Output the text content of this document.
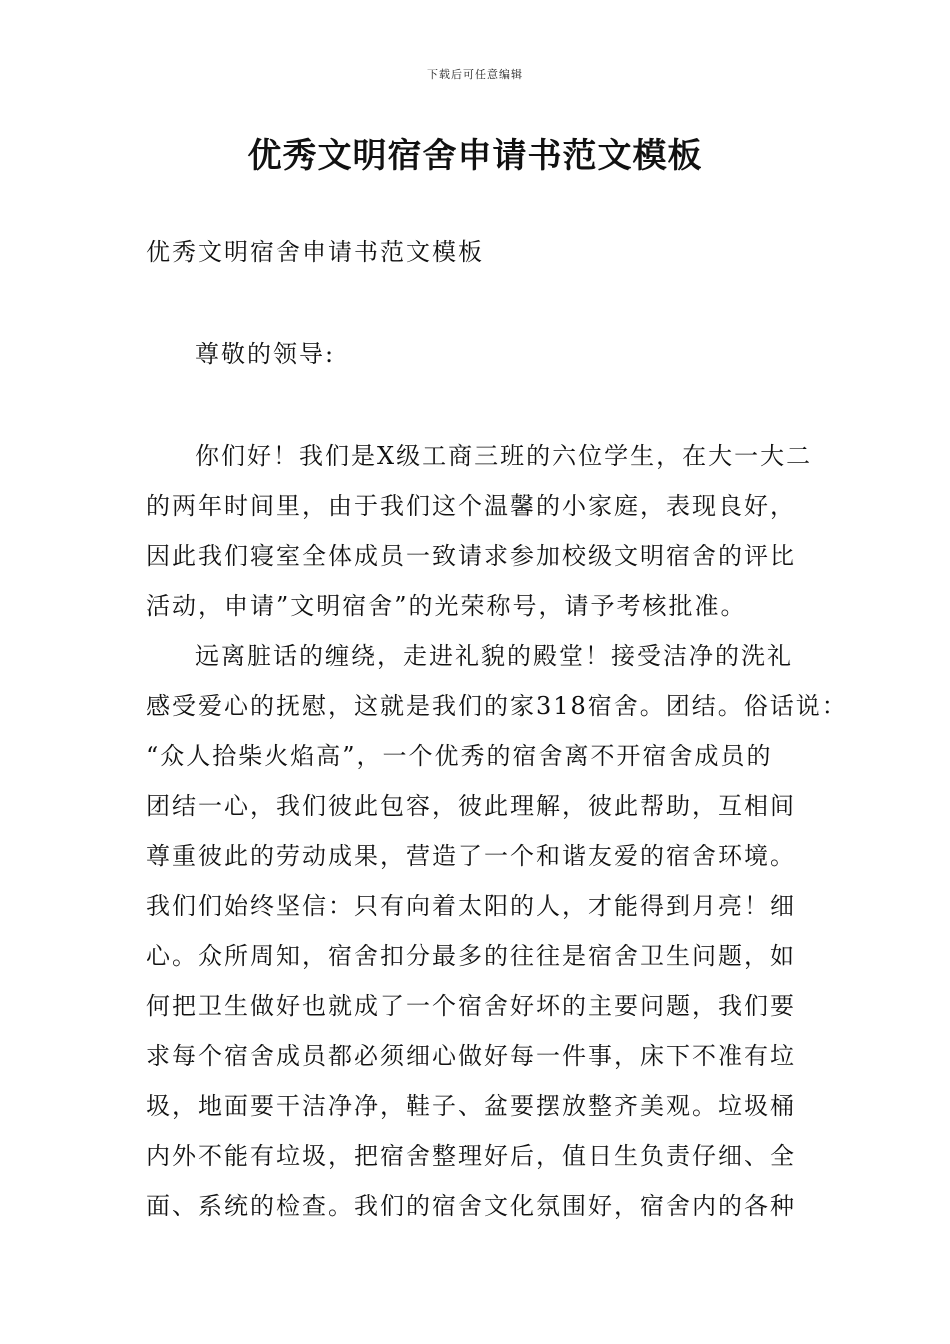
下载后可任意编辑
优秀文明宿舍申请书范文模板
优秀文明宿舍申请书范文模板
尊敬的领导:
你们好！我们是X级工商三班的六位学生，在大一大二
的两年时间里，由于我们这个温馨的小家庭，表现良好，
因此我们寝室全体成员一致请求参加校级文明宿舍的评比
活动，申请”文明宿舍”的光荣称号，请予考核批准。
远离脏话的缠绕，走进礼貌的殿堂！接受洁净的洗礼
感受爱心的抚慰，这就是我们的家318宿舍。团结。俗话说：
“众人拾柴火焰高”，一个优秀的宿舍离不开宿舍成员的
团结一心，我们彼此包容，彼此理解，彼此帮助，互相间
尊重彼此的劳动成果，营造了一个和谐友爱的宿舍环境。
我们们始终坚信：只有向着太阳的人，才能得到月亮！细
心。众所周知，宿舍扣分最多的往往是宿舍卫生问题，如
何把卫生做好也就成了一个宿舍好坏的主要问题，我们要
求每个宿舍成员都必须细心做好每一件事，床下不准有垃
圾，地面要干洁净净，鞋子、盆要摆放整齐美观。垃圾桶
内外不能有垃圾，把宿舍整理好后，值日生负责仔细、全
面、系统的检查。我们的宿舍文化氛围好，宿舍内的各种
